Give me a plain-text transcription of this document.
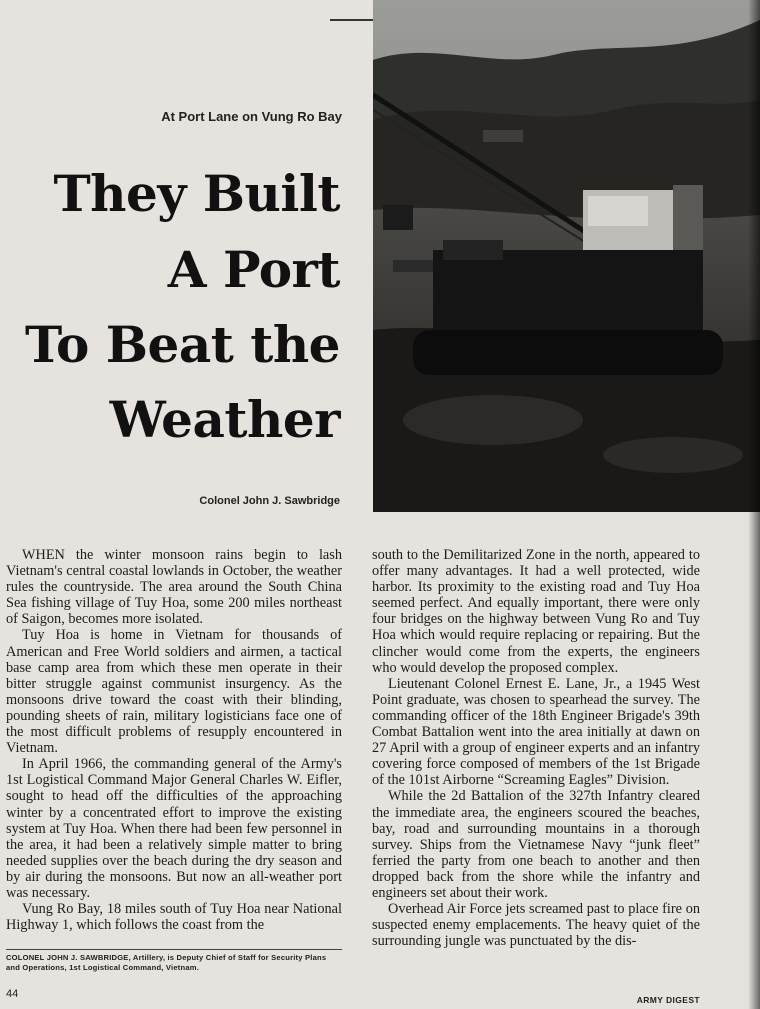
At Port Lane on Vung Ro Bay
They Built
A Port
To Beat the
Weather
Colonel John J. Sawbridge

WHEN the winter monsoon rains begin to lash Vietnam's central coastal lowlands in October, the weather rules the countryside. The area around the South China Sea fishing village of Tuy Hoa, some 200 miles northeast of Saigon, becomes more isolated.

Tuy Hoa is home in Vietnam for thousands of American and Free World soldiers and airmen, a tactical base camp area from which these men operate in their bitter struggle against communist insurgency. As the monsoons drive toward the coast with their blinding, pounding sheets of rain, military logisticians face one of the most difficult problems of resupply encountered in Vietnam.

In April 1966, the commanding general of the Army's 1st Logistical Command Major General Charles W. Eifler, sought to head off the difficulties of the approaching winter by a concentrated effort to improve the existing system at Tuy Hoa. When there had been few personnel in the area, it had been a relatively simple matter to bring needed supplies over the beach during the dry season and by air during the monsoons. But now an all-weather port was necessary.

Vung Ro Bay, 18 miles south of Tuy Hoa near National Highway 1, which follows the coast from the

south to the Demilitarized Zone in the north, appeared to offer many advantages. It had a well protected, wide harbor. Its proximity to the existing road and Tuy Hoa seemed perfect. And equally important, there were only four bridges on the highway between Vung Ro and Tuy Hoa which would require replacing or repairing. But the clincher would come from the experts, the engineers who would develop the proposed complex.

Lieutenant Colonel Ernest E. Lane, Jr., a 1945 West Point graduate, was chosen to spearhead the survey. The commanding officer of the 18th Engineer Brigade's 39th Combat Battalion went into the area initially at dawn on 27 April with a group of engineer experts and an infantry covering force composed of members of the 1st Brigade of the 101st Airborne “Screaming Eagles” Division.

While the 2d Battalion of the 327th Infantry cleared the immediate area, the engineers scoured the beaches, bay, road and surrounding mountains in a thorough survey. Ships from the Vietnamese Navy “junk fleet” ferried the party from one beach to another and then dropped back from the shore while the infantry and engineers set about their work.

Overhead Air Force jets screamed past to place fire on suspected enemy emplacements. The heavy quiet of the surrounding jungle was punctuated by the dis-

COLONEL JOHN J. SAWBRIDGE, Artillery, is Deputy Chief of Staff for Security Plans and Operations, 1st Logistical Command, Vietnam.
44	ARMY DIGEST
